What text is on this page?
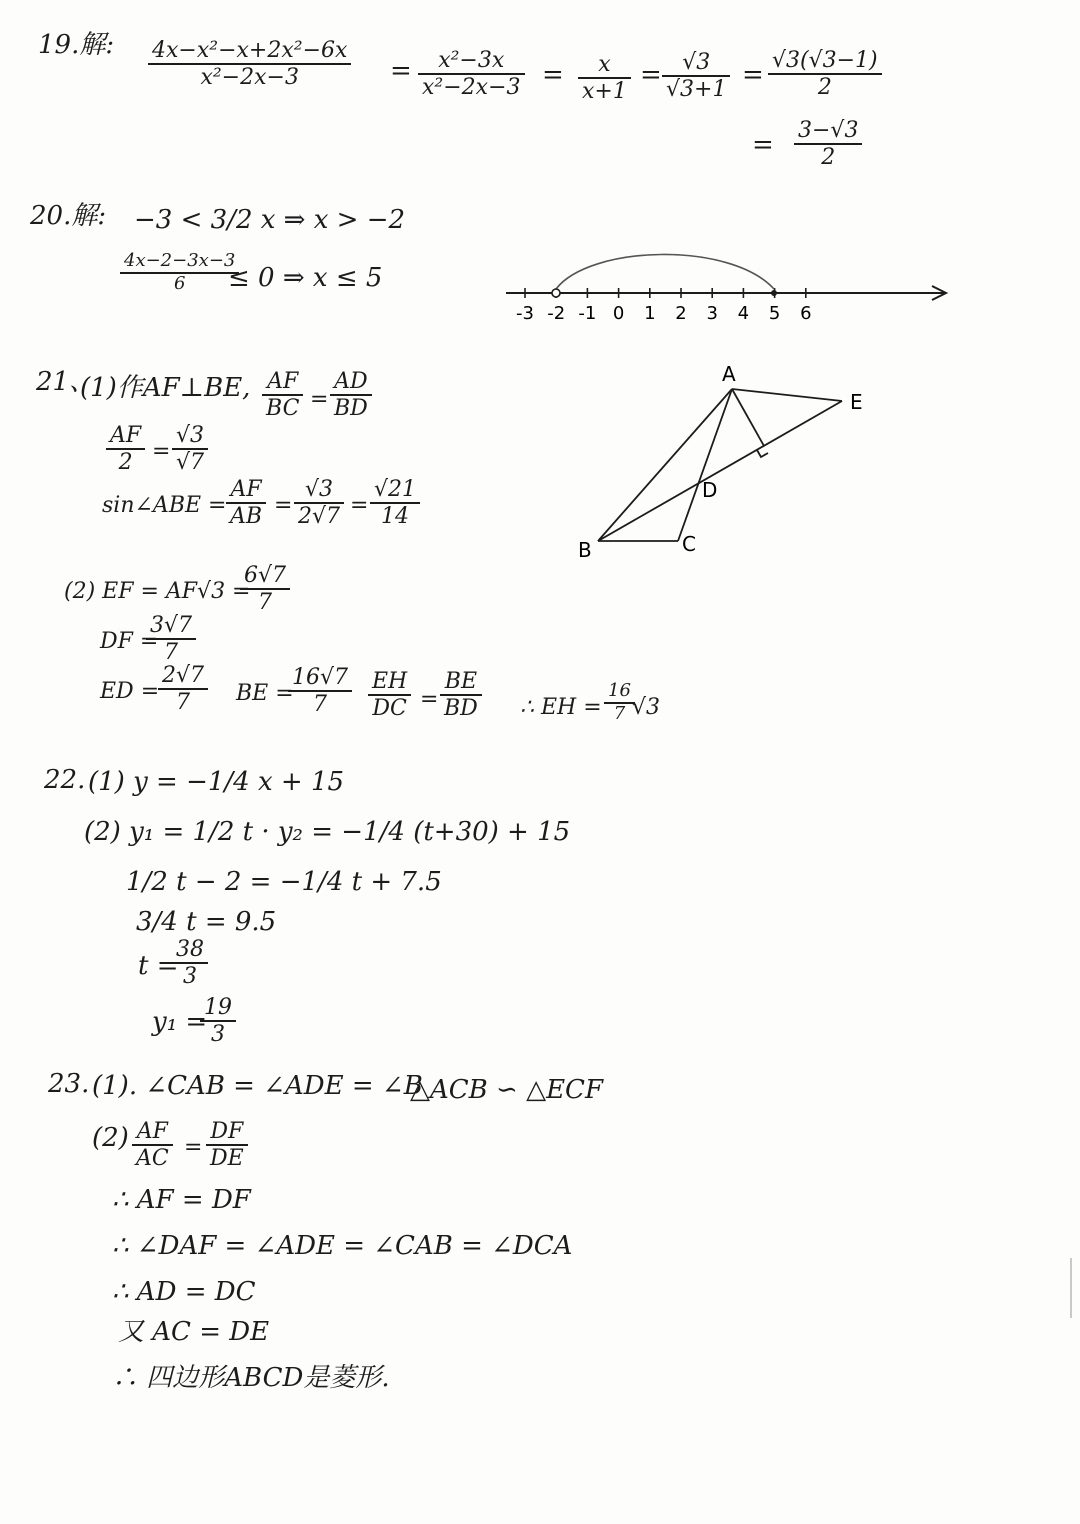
19.解: $\frac{\text{4x−x²−x+2x²−6x}}{\text{x²−2x−3}} = \frac{\text{x²−3x}}{\text{x²−2x−3}} = \frac{x}{x+1} = \frac{√3}{√3+1} = \frac{√3(√3-1)}{2}$
= $\frac{3-√3}{2}$
20.解: −3 < 3/2 x ⇒ x > −2
$\frac{4x-2-3x-3}{6}$
≤ 0 ⇒ x ≤ 5
-3 -2 -1 0 1 2 3 4 5 6
21、
(1)作AF⊥BE, $\frac{AF}{BC} = \frac{AD}{BD}$
$\frac{AF}{2} = \frac{√3}{√7}$
sin∠ABE = $\frac{AF}{AB} = \frac{√3}{2√7} = \frac{√21}{14}$
(2) EF = AF√3 =
$\frac{6√7}{7}$
DF =
$\frac{3√7}{7}$
ED =
$\frac{2√7}{7}$ BE =
$\frac{16√7}{7} \frac{EH}{DC} = \frac{BE}{BD}$ ∴ EH = $\frac{16}{7}$
√3
A
E
D
B	C
22. (1) y = −1/4 x + 15
(2) y₁ = 1/2 t · y₂ = −1/4 (t+30) + 15
1/2 t − 2 = −1/4 t + 7.5
3/4 t = 9.5
t =
$\frac{38}{3}$
y₁ =
$\frac{19}{3}$
23. (1). ∠CAB = ∠ADE = ∠B
△ACB ∽ △ECF
$(2) \frac{AF}{AC} = \frac{DF}{DE}$
∴ AF = DF
∴ ∠DAF = ∠ADE = ∠CAB = ∠DCA
∴ AD = DC
又 AC = DE
∴ 四边形ABCD是菱形.
